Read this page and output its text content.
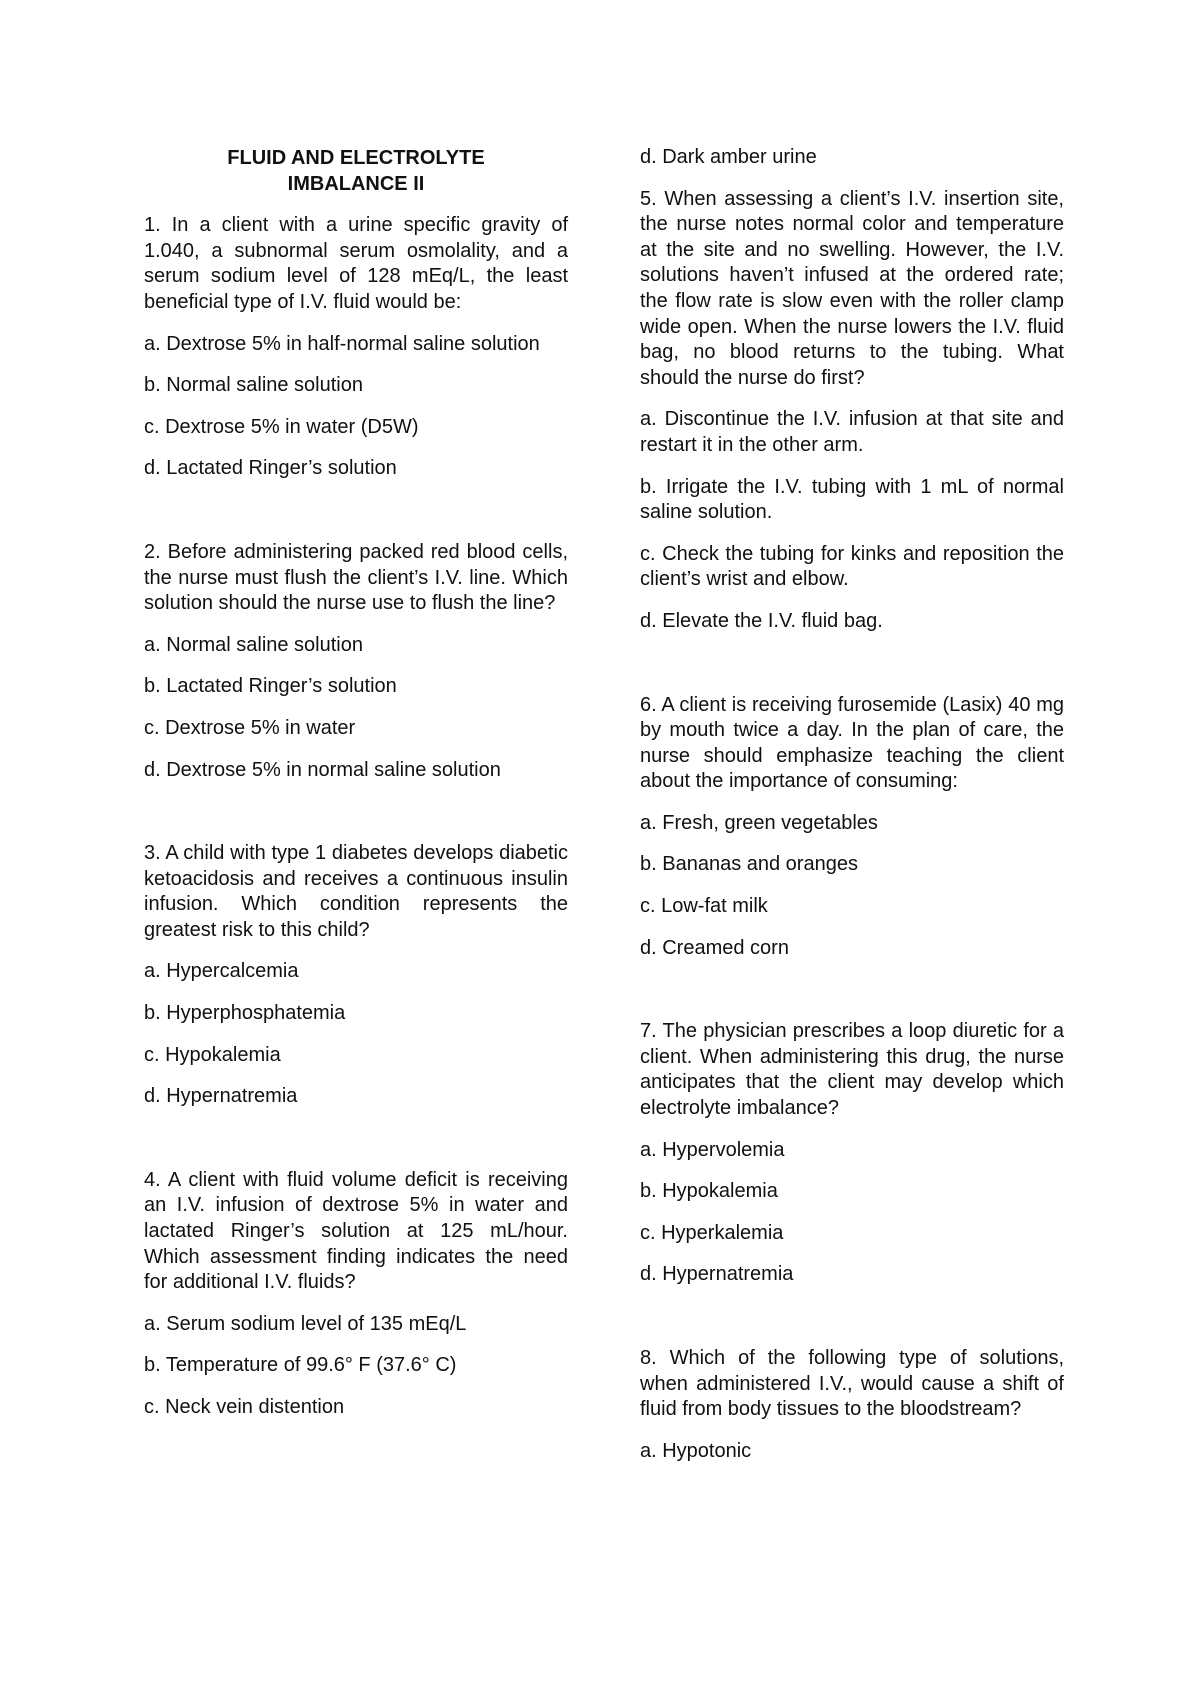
FLUID AND ELECTROLYTE

IMBALANCE II

1. In a client with a urine specific gravity of 1.040, a subnormal serum osmolality, and a serum sodium level of 128 mEq/L, the least beneficial type of I.V. fluid would be:

a. Dextrose 5% in half-normal saline solution

b. Normal saline solution

c. Dextrose 5% in water (D5W)

d. Lactated Ringer’s solution

2. Before administering packed red blood cells, the nurse must flush the client’s I.V. line. Which solution should the nurse use to flush the line?

a. Normal saline solution

b. Lactated Ringer’s solution

c. Dextrose 5% in water

d. Dextrose 5% in normal saline solution

3. A child with type 1 diabetes develops diabetic ketoacidosis and receives a continuous insulin infusion. Which condition represents the greatest risk to this child?

a. Hypercalcemia

b. Hyperphosphatemia

c. Hypokalemia

d. Hypernatremia

4. A client with fluid volume deficit is receiving an I.V. infusion of dextrose 5% in water and lactated Ringer’s solution at 125 mL/hour. Which assessment finding indicates the need for additional I.V. fluids?

a. Serum sodium level of 135 mEq/L

b. Temperature of 99.6° F (37.6° C)

c. Neck vein distention

d. Dark amber urine

5. When assessing a client’s I.V. insertion site, the nurse notes normal color and temperature at the site and no swelling. However, the I.V. solutions haven’t infused at the ordered rate; the flow rate is slow even with the roller clamp wide open. When the nurse lowers the I.V. fluid bag, no blood returns to the tubing. What should the nurse do first?

a. Discontinue the I.V. infusion at that site and restart it in the other arm.

b. Irrigate the I.V. tubing with 1 mL of normal saline solution.

c. Check the tubing for kinks and reposition the client’s wrist and elbow.

d. Elevate the I.V. fluid bag.

6. A client is receiving furosemide (Lasix) 40 mg by mouth twice a day. In the plan of care, the nurse should emphasize teaching the client about the importance of consuming:

a. Fresh, green vegetables

b. Bananas and oranges

c. Low-fat milk

d. Creamed corn

7. The physician prescribes a loop diuretic for a client. When administering this drug, the nurse anticipates that the client may develop which electrolyte imbalance?

a. Hypervolemia

b. Hypokalemia

c. Hyperkalemia

d. Hypernatremia

8. Which of the following type of solutions, when administered I.V., would cause a shift of fluid from body tissues to the bloodstream?

a. Hypotonic
